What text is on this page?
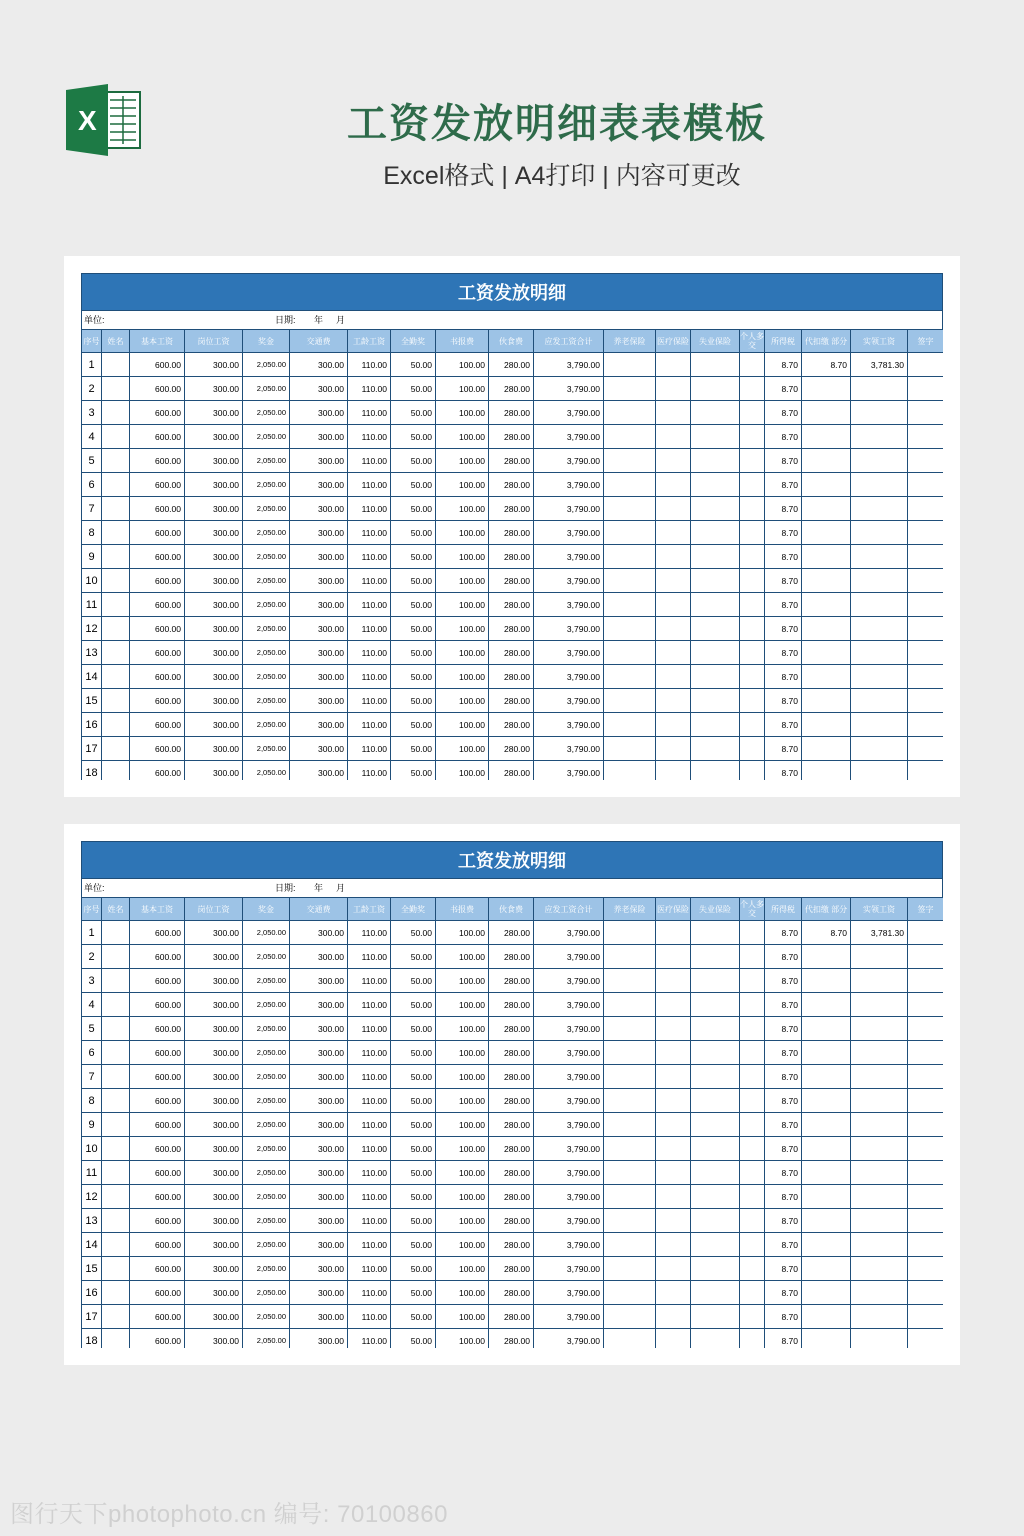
X	工资发放明细表表模板
Excel格式 | A4打印 | 内容可更改
工资发放明细
单位:	日期: 年 月
序号	姓名	基本工资	岗位工资	奖金	交通费	工龄工资	全勤奖	书报费	伙食费	应发工资合计	养老保险	医疗保险	失业保险	个人多交	所得税	代扣缴 部分	实领工资	签字
1		600.00	300.00	2,050.00	300.00	110.00	50.00	100.00	280.00	3,790.00					8.70	8.70	3,781.30	
2		600.00	300.00	2,050.00	300.00	110.00	50.00	100.00	280.00	3,790.00					8.70			
3		600.00	300.00	2,050.00	300.00	110.00	50.00	100.00	280.00	3,790.00					8.70			
4		600.00	300.00	2,050.00	300.00	110.00	50.00	100.00	280.00	3,790.00					8.70			
5		600.00	300.00	2,050.00	300.00	110.00	50.00	100.00	280.00	3,790.00					8.70			
6		600.00	300.00	2,050.00	300.00	110.00	50.00	100.00	280.00	3,790.00					8.70			
7		600.00	300.00	2,050.00	300.00	110.00	50.00	100.00	280.00	3,790.00					8.70			
8		600.00	300.00	2,050.00	300.00	110.00	50.00	100.00	280.00	3,790.00					8.70			
9		600.00	300.00	2,050.00	300.00	110.00	50.00	100.00	280.00	3,790.00					8.70			
10		600.00	300.00	2,050.00	300.00	110.00	50.00	100.00	280.00	3,790.00					8.70			
11		600.00	300.00	2,050.00	300.00	110.00	50.00	100.00	280.00	3,790.00					8.70			
12		600.00	300.00	2,050.00	300.00	110.00	50.00	100.00	280.00	3,790.00					8.70			
13		600.00	300.00	2,050.00	300.00	110.00	50.00	100.00	280.00	3,790.00					8.70			
14		600.00	300.00	2,050.00	300.00	110.00	50.00	100.00	280.00	3,790.00					8.70			
15		600.00	300.00	2,050.00	300.00	110.00	50.00	100.00	280.00	3,790.00					8.70			
16		600.00	300.00	2,050.00	300.00	110.00	50.00	100.00	280.00	3,790.00					8.70			
17		600.00	300.00	2,050.00	300.00	110.00	50.00	100.00	280.00	3,790.00					8.70			
18		600.00	300.00	2,050.00	300.00	110.00	50.00	100.00	280.00	3,790.00					8.70			
工资发放明细
单位:	日期: 年 月
序号	姓名	基本工资	岗位工资	奖金	交通费	工龄工资	全勤奖	书报费	伙食费	应发工资合计	养老保险	医疗保险	失业保险	个人多交	所得税	代扣缴 部分	实领工资	签字
1		600.00	300.00	2,050.00	300.00	110.00	50.00	100.00	280.00	3,790.00					8.70	8.70	3,781.30	
2		600.00	300.00	2,050.00	300.00	110.00	50.00	100.00	280.00	3,790.00					8.70			
3		600.00	300.00	2,050.00	300.00	110.00	50.00	100.00	280.00	3,790.00					8.70			
4		600.00	300.00	2,050.00	300.00	110.00	50.00	100.00	280.00	3,790.00					8.70			
5		600.00	300.00	2,050.00	300.00	110.00	50.00	100.00	280.00	3,790.00					8.70			
6		600.00	300.00	2,050.00	300.00	110.00	50.00	100.00	280.00	3,790.00					8.70			
7		600.00	300.00	2,050.00	300.00	110.00	50.00	100.00	280.00	3,790.00					8.70			
8		600.00	300.00	2,050.00	300.00	110.00	50.00	100.00	280.00	3,790.00					8.70			
9		600.00	300.00	2,050.00	300.00	110.00	50.00	100.00	280.00	3,790.00					8.70			
10		600.00	300.00	2,050.00	300.00	110.00	50.00	100.00	280.00	3,790.00					8.70			
11		600.00	300.00	2,050.00	300.00	110.00	50.00	100.00	280.00	3,790.00					8.70			
12		600.00	300.00	2,050.00	300.00	110.00	50.00	100.00	280.00	3,790.00					8.70			
13		600.00	300.00	2,050.00	300.00	110.00	50.00	100.00	280.00	3,790.00					8.70			
14		600.00	300.00	2,050.00	300.00	110.00	50.00	100.00	280.00	3,790.00					8.70			
15		600.00	300.00	2,050.00	300.00	110.00	50.00	100.00	280.00	3,790.00					8.70			
16		600.00	300.00	2,050.00	300.00	110.00	50.00	100.00	280.00	3,790.00					8.70			
17		600.00	300.00	2,050.00	300.00	110.00	50.00	100.00	280.00	3,790.00					8.70			
18		600.00	300.00	2,050.00	300.00	110.00	50.00	100.00	280.00	3,790.00					8.70			
图行天下photophoto.cn 编号: 70100860
